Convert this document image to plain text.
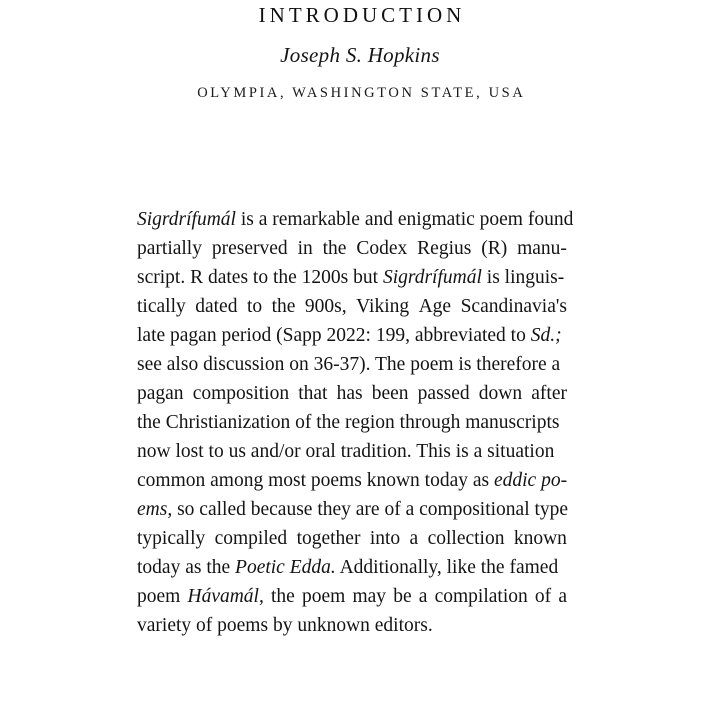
INTRODUCTION
Joseph S. Hopkins
OLYMPIA, WASHINGTON STATE, USA
Sigrdrífumál is a remarkable and enigmatic poem found
partially preserved in the Codex Regius (R) manu-
script. R dates to the 1200s but Sigrdrífumál is linguis-
tically dated to the 900s, Viking Age Scandinavia's
late pagan period (Sapp 2022: 199, abbreviated to Sd.;
see also discussion on 36-37). The poem is therefore a
pagan composition that has been passed down after
the Christianization of the region through manuscripts
now lost to us and/or oral tradition. This is a situation
common among most poems known today as eddic po-
ems, so called because they are of a compositional type
typically compiled together into a collection known
today as the Poetic Edda. Additionally, like the famed
poem Hávamál, the poem may be a compilation of a
variety of poems by unknown editors.
